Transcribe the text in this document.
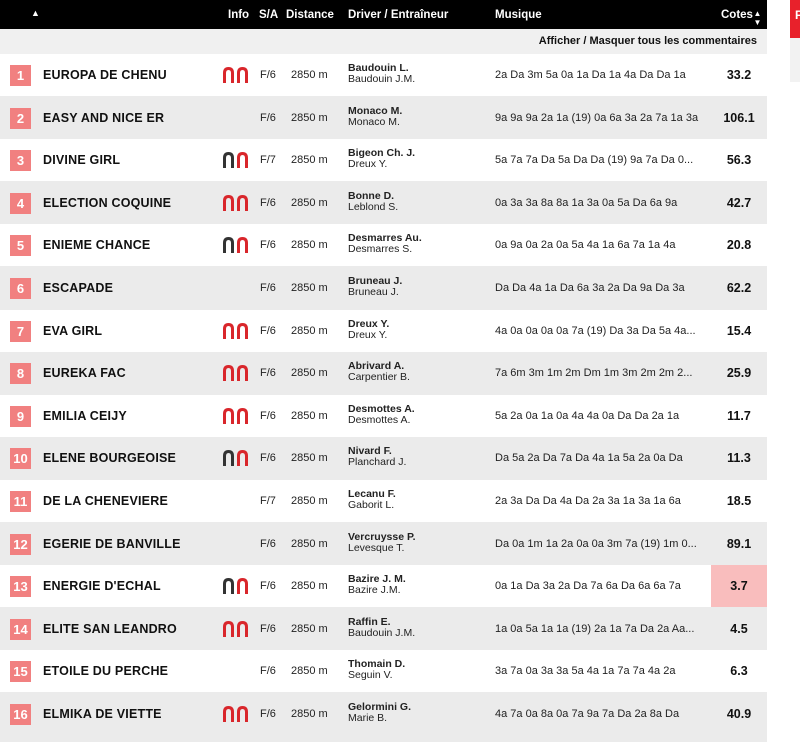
▲	Info S/A Distance Driver / Entraîneur	Musique	Cotes ▲▼
Afficher / Masquer tous les commentaires
1	EUROPA DE CHENU	F/6 2850 m
Baudouin L.
Baudouin J.M.	2a Da 3m 5a 0a 1a Da 1a 4a Da Da 1a	33.2
2	EASY AND NICE ER	F/6 2850 m
Monaco M.
Monaco M.	9a 9a 9a 2a 1a (19) 0a 6a 3a 2a 7a 1a 3a	106.1
3	DIVINE GIRL	F/7 2850 m
Bigeon Ch. J.
Dreux Y.	5a 7a 7a Da 5a Da Da (19) 9a 7a Da 0...	56.3
4	ELECTION COQUINE	F/6 2850 m
Bonne D.
Leblond S.	0a 3a 3a 8a 8a 1a 3a 0a 5a Da 6a 9a	42.7
5	ENIEME CHANCE	F/6 2850 m
Desmarres Au.
Desmarres S.	0a 9a 0a 2a 0a 5a 4a 1a 6a 7a 1a 4a	20.8
6	ESCAPADE	F/6 2850 m
Bruneau J.
Bruneau J.	Da Da 4a 1a Da 6a 3a 2a Da 9a Da 3a	62.2
7	EVA GIRL	F/6 2850 m
Dreux Y.
Dreux Y.	4a 0a 0a 0a 0a 7a (19) Da 3a Da 5a 4a...	15.4
8	EUREKA FAC	F/6 2850 m
Abrivard A.
Carpentier B.	7a 6m 3m 1m 2m Dm 1m 3m 2m 2m 2...	25.9
9	EMILIA CEIJY	F/6 2850 m
Desmottes A.
Desmottes A.	5a 2a 0a 1a 0a 4a 4a 0a Da Da 2a 1a	11.7
10 ELENE BOURGEOISE	F/6 2850 m
Nivard F.
Planchard J.	Da 5a 2a Da 7a Da 4a 1a 5a 2a 0a Da	11.3
11 DE LA CHENEVIERE	F/7 2850 m
Lecanu F.
Gaborit L.	2a 3a Da Da 4a Da 2a 3a 1a 3a 1a 6a	18.5
12 EGERIE DE BANVILLE	F/6 2850 m
Vercruysse P.
Levesque T.	Da 0a 1m 1a 2a 0a 0a 3m 7a (19) 1m 0...	89.1
13 ENERGIE D'ECHAL	F/6 2850 m
Bazire J. M.
Bazire J.M.	0a 1a Da 3a 2a Da 7a 6a Da 6a 6a 7a	3.7
14 ELITE SAN LEANDRO	F/6 2850 m
Raffin E.
Baudouin J.M.	1a 0a 5a 1a 1a (19) 2a 1a 7a Da 2a Aa...	4.5
15 ETOILE DU PERCHE	F/6 2850 m
Thomain D.
Seguin V.	3a 7a 0a 3a 3a 5a 4a 1a 7a 7a 4a 2a	6.3
16 ELMIKA DE VIETTE	F/6 2850 m
Gelormini G.
Marie B.	4a 7a 0a 8a 0a 7a 9a 7a Da 2a 8a Da	40.9
F
